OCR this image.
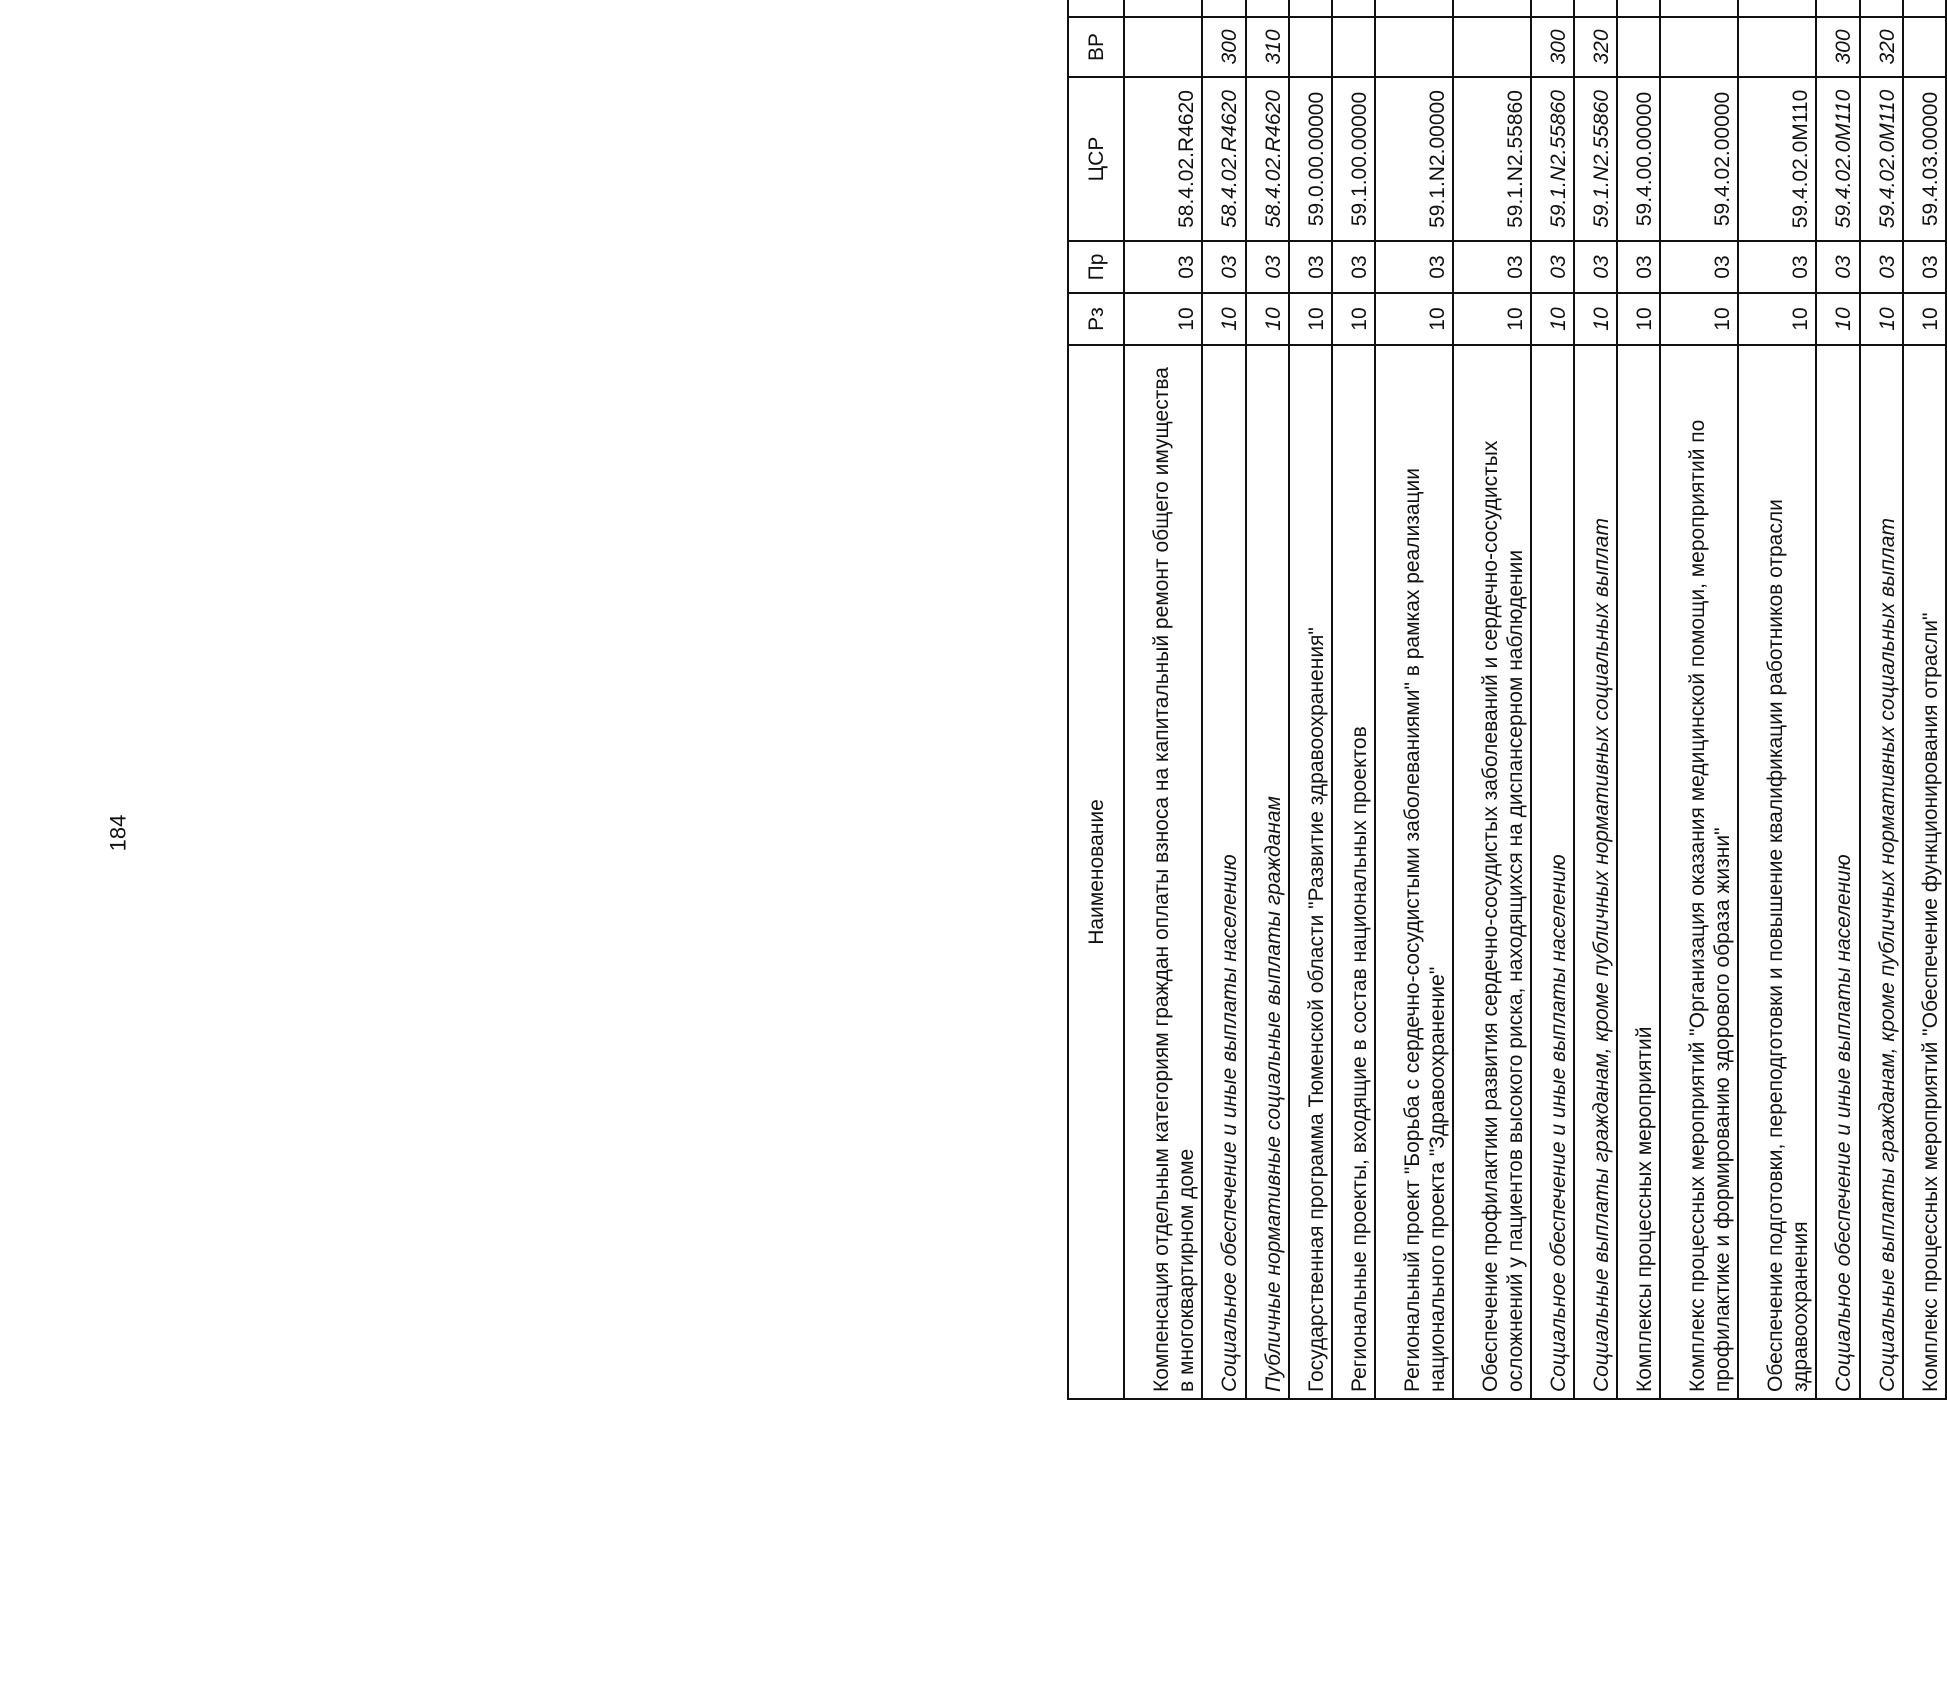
184	Наименование	Рз	Пр	ЦСР	ВР	
Компенсация отдельным категориям граждан оплаты взноса на капитальный ремонт общего имущества в многоквартирном доме	10	03	58.4.02.R4620		
Социальное обеспечение и иные выплаты населению	10	03	58.4.02.R4620	300	
Публичные нормативные социальные выплаты гражданам	10	03	58.4.02.R4620	310	
Государственная программа Тюменской области "Развитие здравоохранения"	10	03	59.0.00.00000		
Региональные проекты, входящие в состав национальных проектов	10	03	59.1.00.00000		
Региональный проект "Борьба с сердечно-сосудистыми заболеваниями" в рамках реализации национального проекта "Здравоохранение"	10	03	59.1.N2.00000		
Обеспечение профилактики развития сердечно-сосудистых заболеваний и сердечно-сосудистых осложнений у пациентов высокого риска, находящихся на диспансерном наблюдении	10	03	59.1.N2.55860		
Социальное обеспечение и иные выплаты населению	10	03	59.1.N2.55860	300	
Социальные выплаты гражданам, кроме публичных нормативных социальных выплат	10	03	59.1.N2.55860	320	
Комплексы процессных мероприятий	10	03	59.4.00.00000		
Комплекс процессных мероприятий "Организация оказания медицинской помощи, мероприятий по профилактике и формированию здорового образа жизни"	10	03	59.4.02.00000		
Обеспечение подготовки, переподготовки и повышение квалификации работников отрасли здравоохранения	10	03	59.4.02.0M110		
Социальное обеспечение и иные выплаты населению	10	03	59.4.02.0M110	300	
Социальные выплаты гражданам, кроме публичных нормативных социальных выплат	10	03	59.4.02.0M110	320	
Комплекс процессных мероприятий "Обеспечение функционирования отрасли"	10	03	59.4.03.00000		
